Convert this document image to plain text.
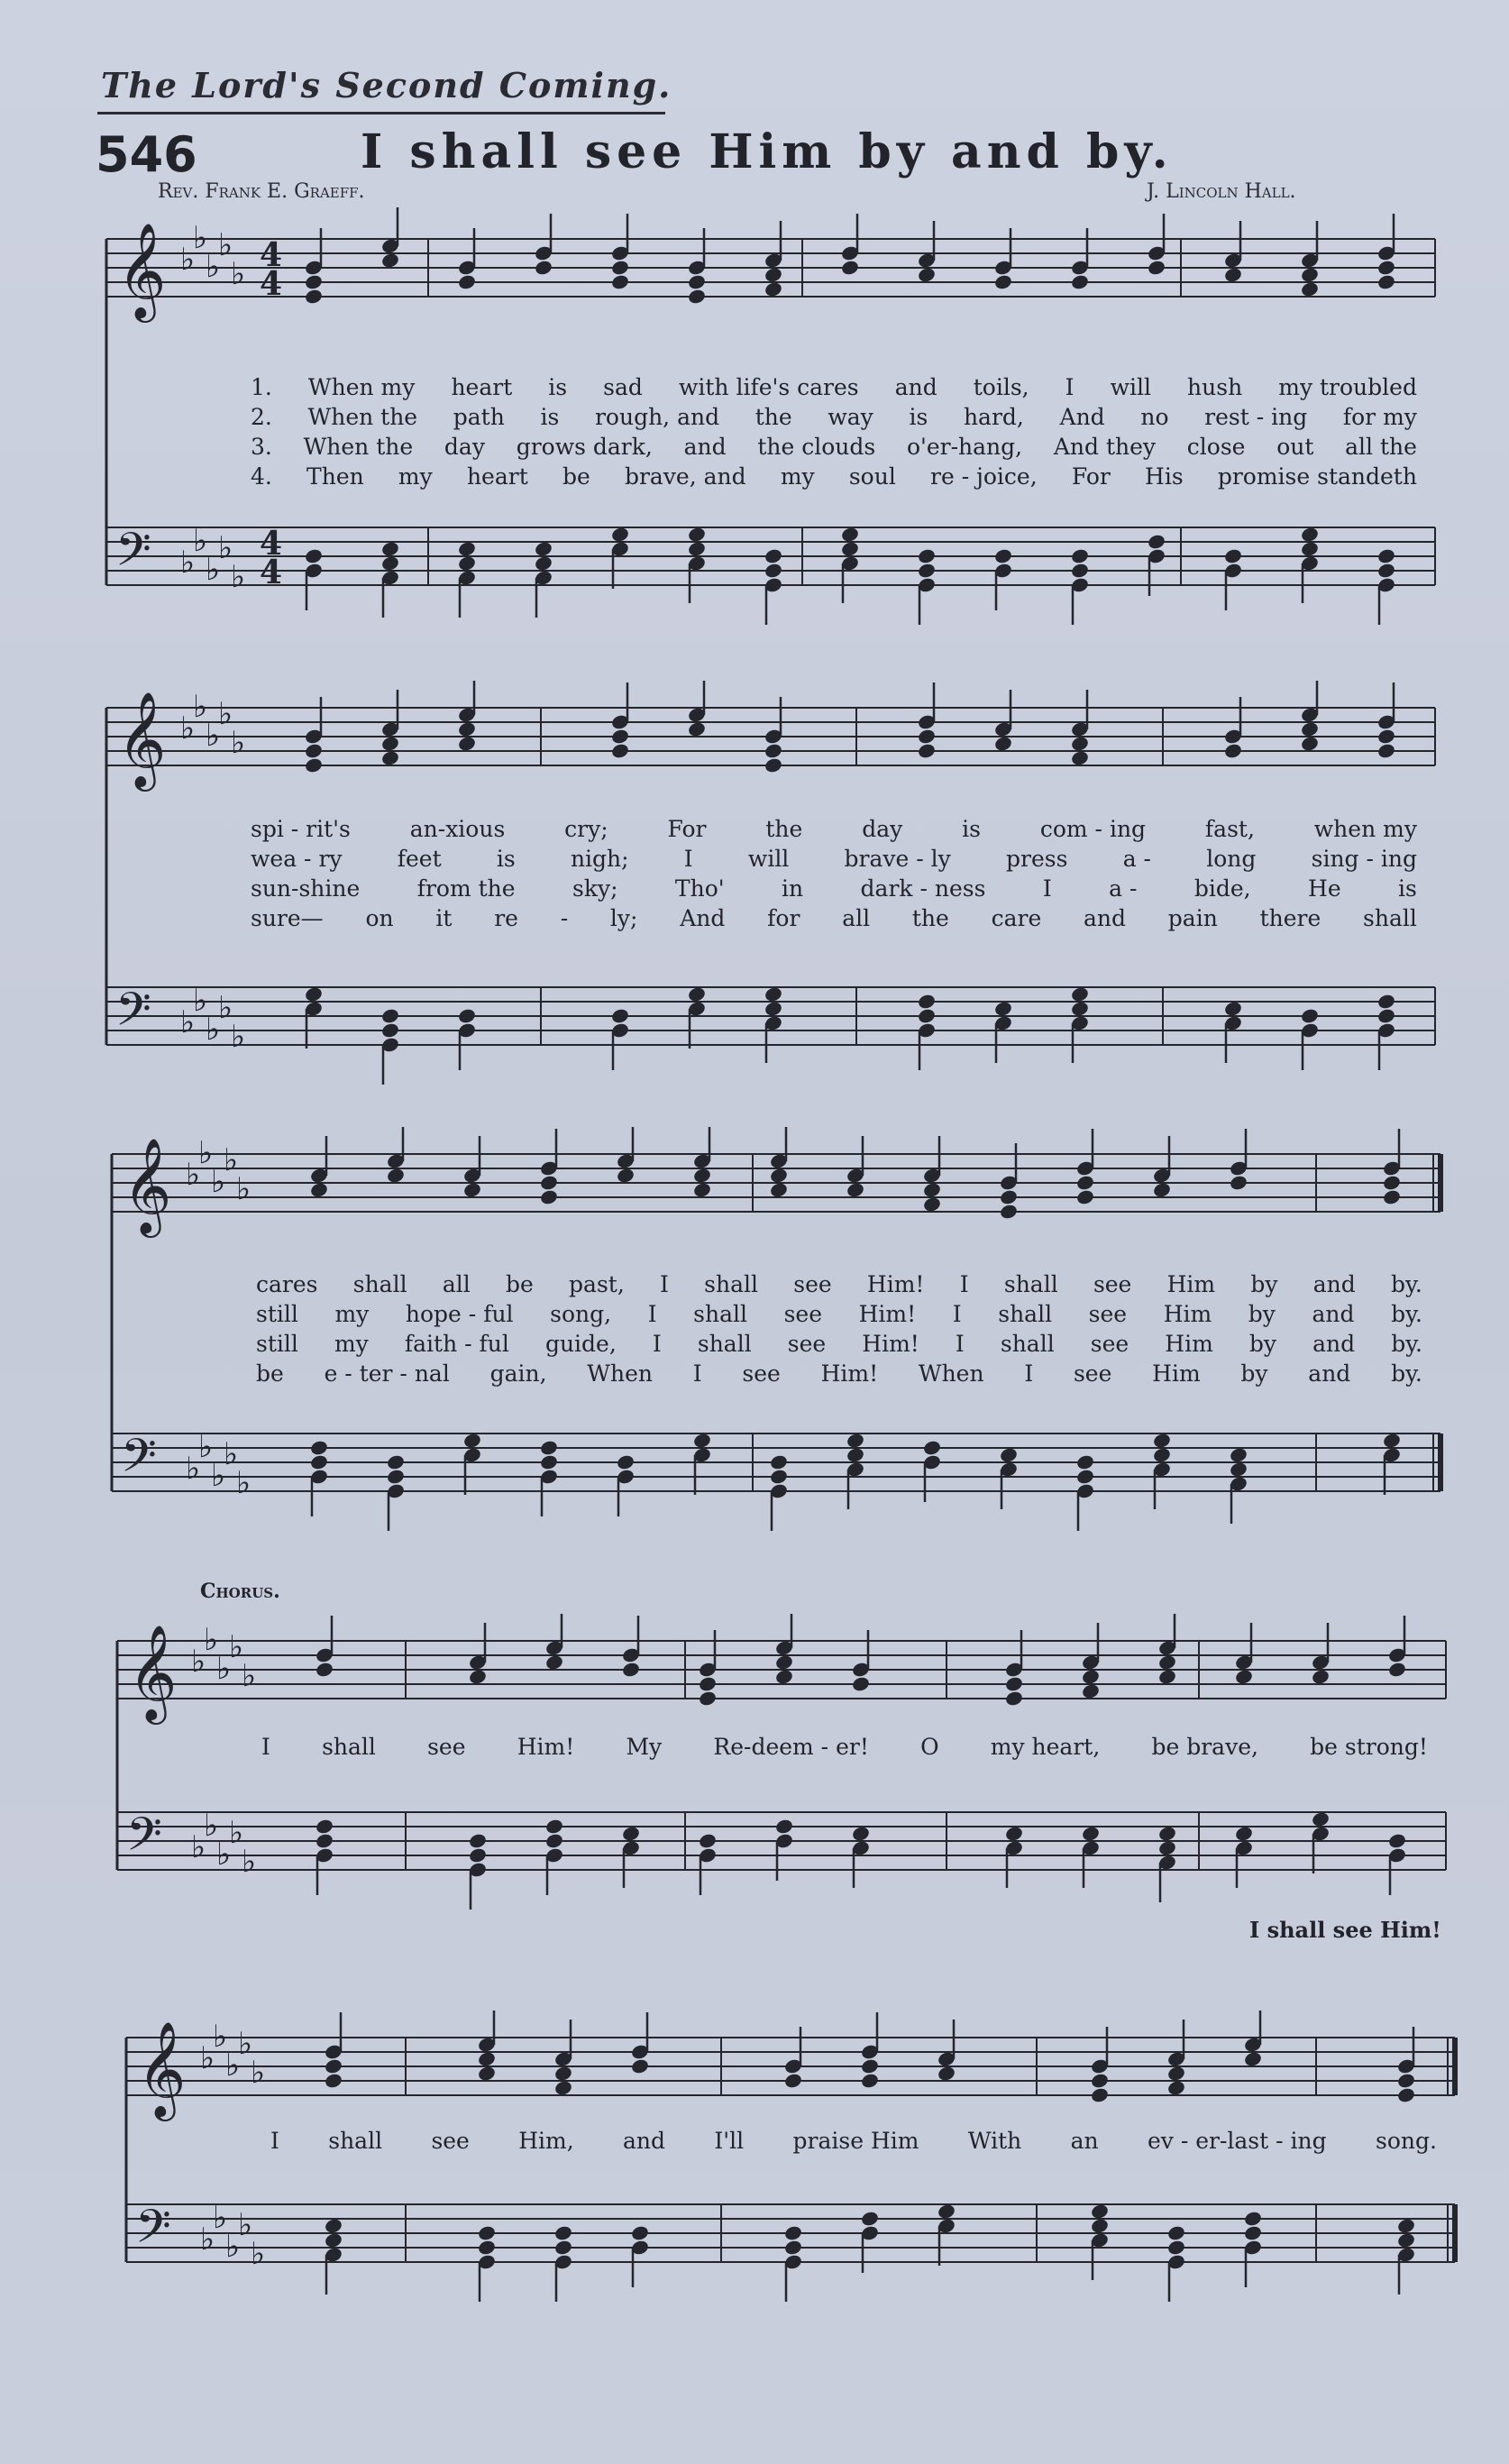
The Lord's Second Coming.
546	I shall see Him by and by.
Rev. Frank E. Graeff.	J. Lincoln Hall.
𝄞
𝄢
♭
♭
♭
♭
♭
♭
♭
♭
♭
♭
4
4
4
4
1. When my heart is sad with life's cares and toils, I will hush my troubled
2. When the path is rough, and the way is hard, And no rest - ing for my
3. When the day grows dark, and the clouds o'er-hang, And they close out all the
4. Then my heart be brave, and my soul re - joice, For His promise standeth
𝄞
𝄢
♭
♭
♭
♭
♭
♭
♭
♭
♭
♭
spi - rit's	an-xious	cry;	For	the	day	is	com - ing	fast,	when my
wea - ry feet is nigh; I will brave - ly press a - long sing - ing
sun-shine	from the	sky;	Tho'	in	dark - ness	I	a -	bide,	He	is
sure— on it re - ly; And for all the care and pain there shall
𝄞
𝄢
♭
♭
♭
♭
♭
♭
♭
♭
♭
♭
cares shall all be past, I shall see Him! I shall see Him by and by.
still my hope - ful song, I shall see Him! I shall see Him by and by.
still my faith - ful guide, I shall see Him! I shall see Him by and by.
be e - ter - nal gain, When I see Him! When I see Him by and by.
Chorus.
𝄞
𝄢
♭
♭
♭
♭
♭
♭
♭
♭
♭
♭
I shall see Him! My Re-deem - er! O my heart, be brave, be strong!
I shall see Him!
𝄞
𝄢
♭
♭
♭
♭
♭
♭
♭
♭
♭
♭
I shall see Him, and I'll praise Him With an ev - er-last - ing song.
